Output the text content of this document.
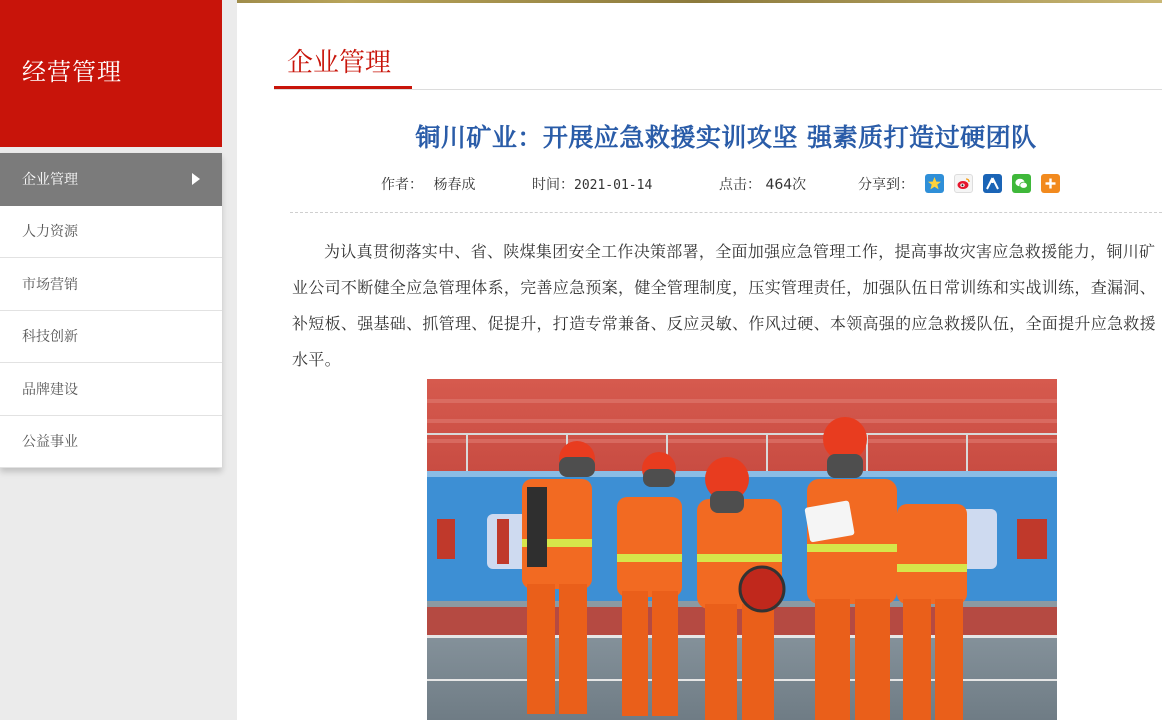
经营管理
企业管理
人力资源
市场营销
科技创新
品牌建设
公益事业
企业管理
铜川矿业：开展应急救援实训攻坚 强素质打造过硬团队
作者： 杨春成	时间：2021-01-14	点击： 464次	分享到：

为认真贯彻落实中、省、陕煤集团安全工作决策部署，全面加强应急管理工作，提高事故灾害应急救援能力，铜川矿业公司不断健全应急管理体系，完善应急预案，健全管理制度，压实管理责任，加强队伍日常训练和实战训练，查漏洞、补短板、强基础、抓管理、促提升，打造专常兼备、反应灵敏、作风过硬、本领高强的应急救援队伍，全面提升应急救援水平。
